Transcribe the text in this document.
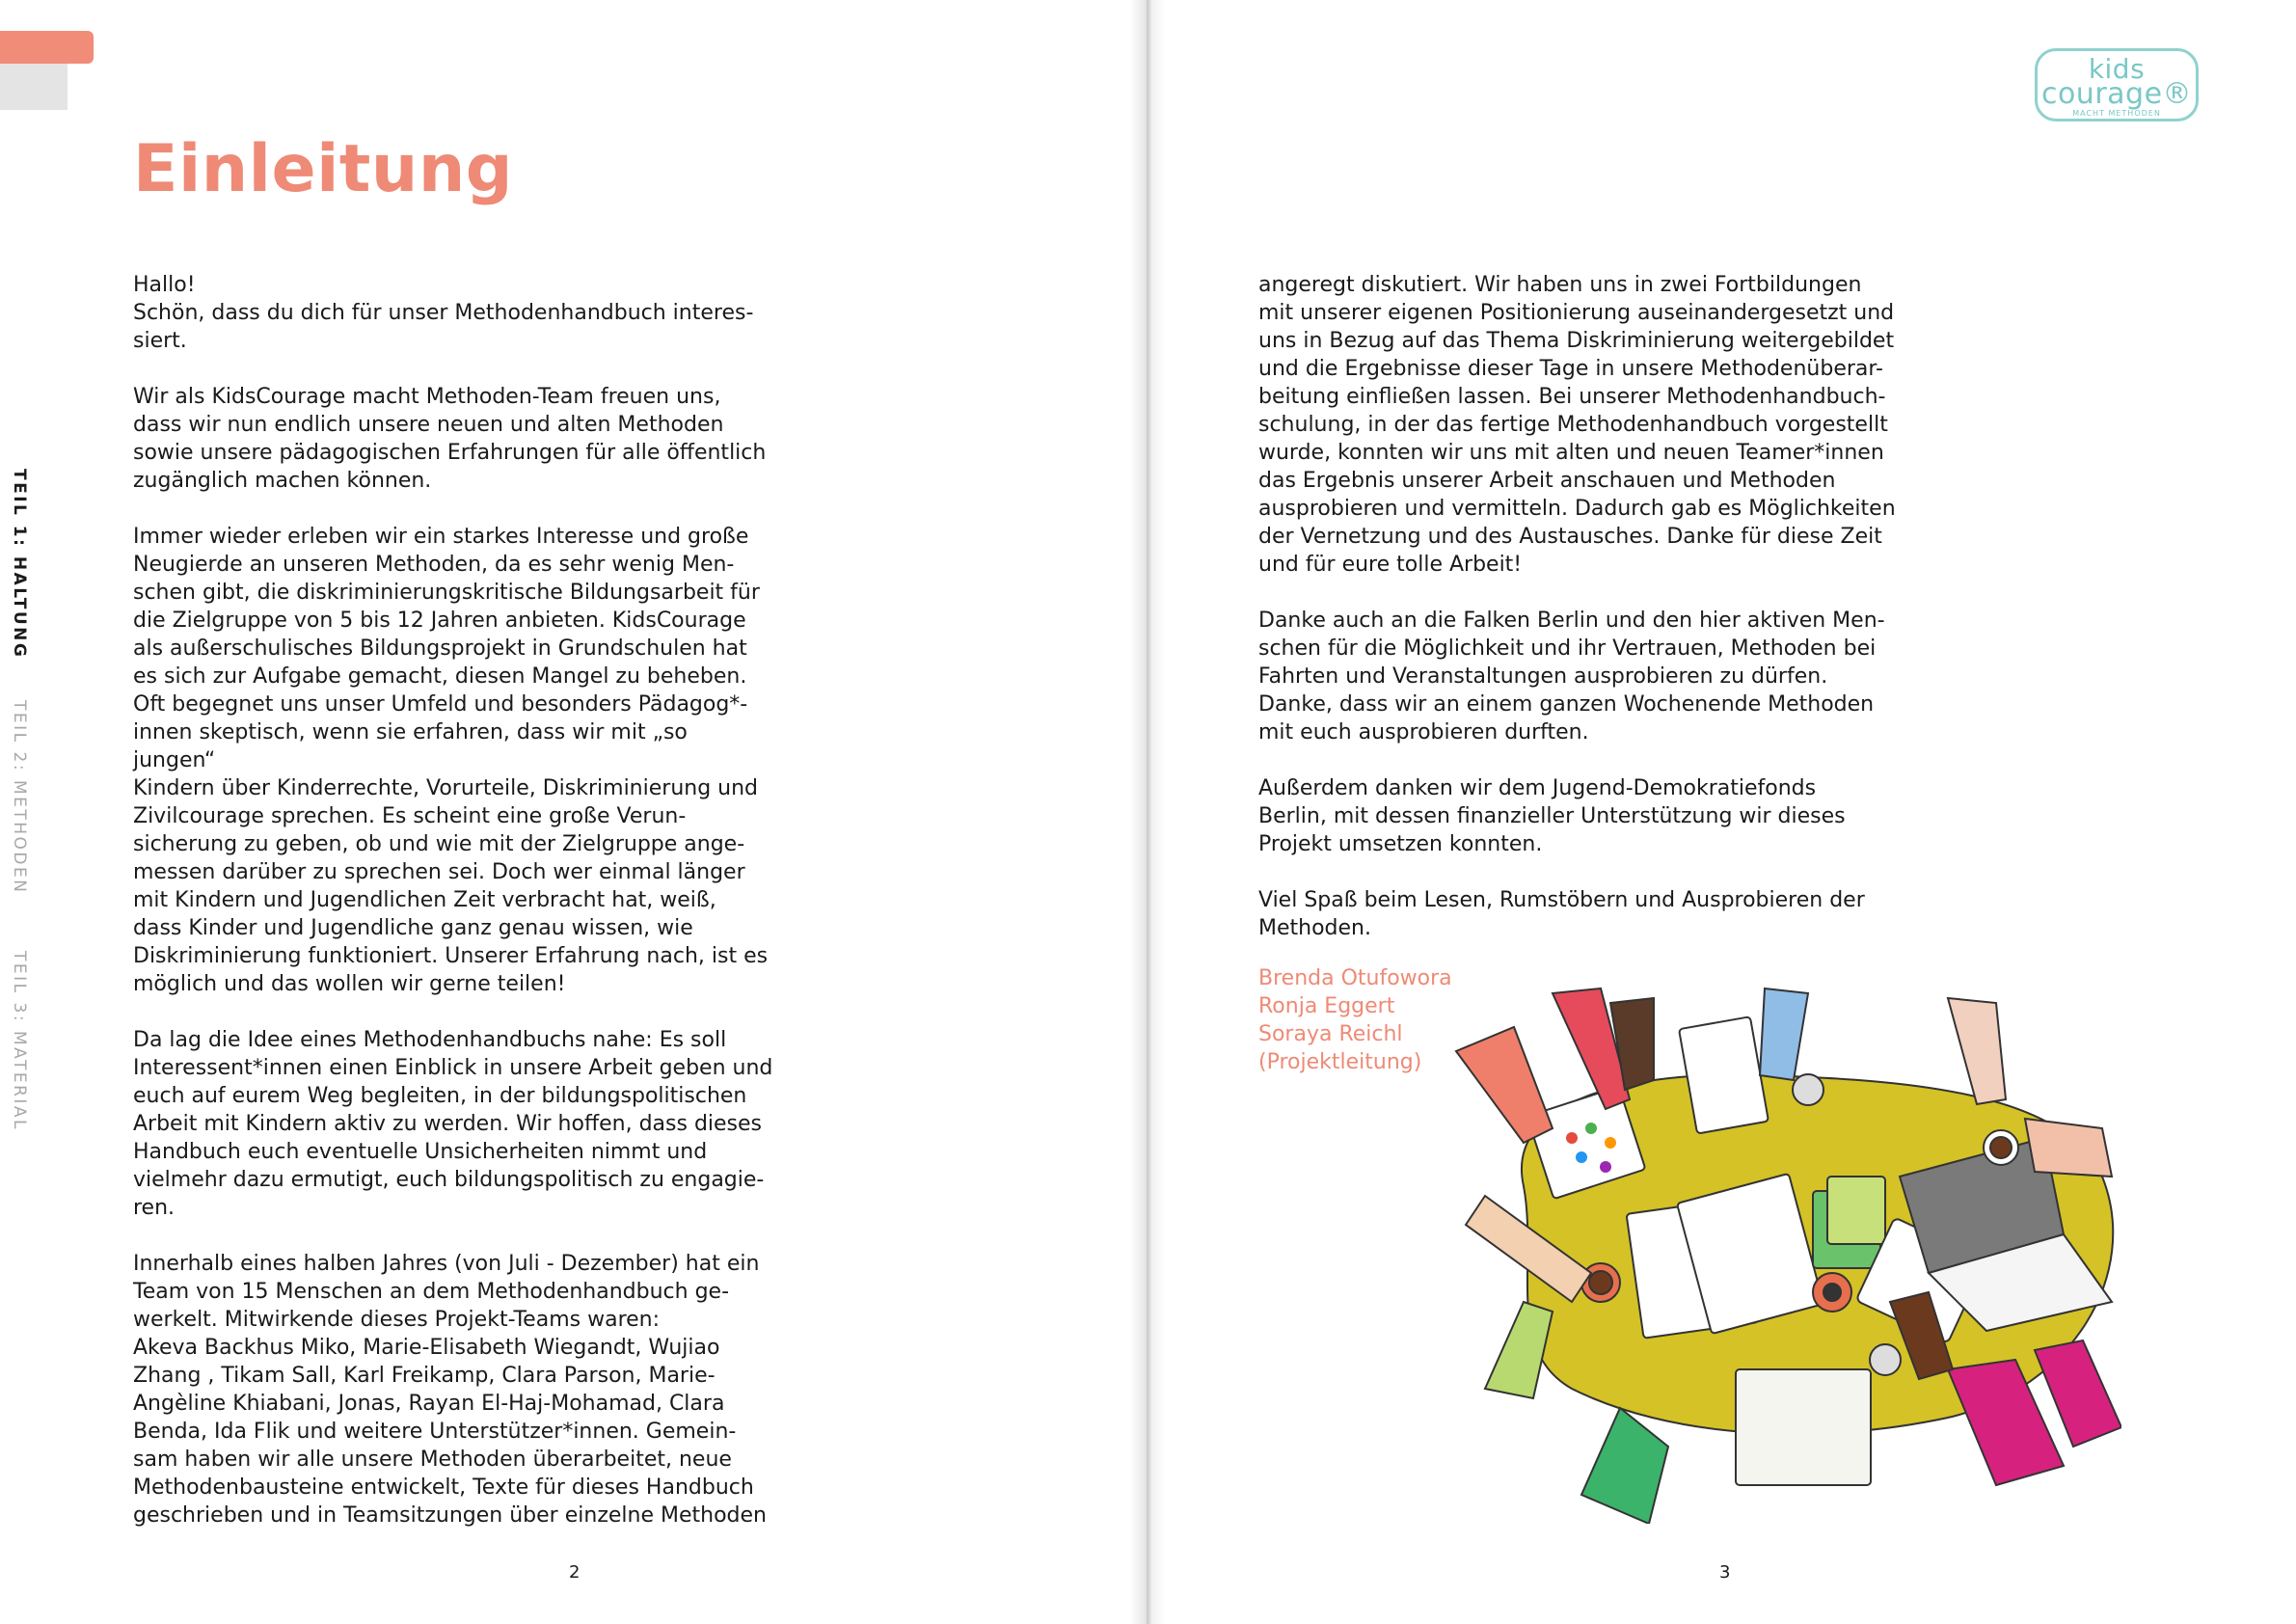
Einleitung
TEIL 1: HALTUNG
TEIL 2: METHODEN
TEIL 3: MATERIAL

Hallo!
Schön, dass du dich für unser Methodenhandbuch interes-
siert.

Wir als KidsCourage macht Methoden-Team freuen uns,
dass wir nun endlich unsere neuen und alten Methoden
sowie unsere pädagogischen Erfahrungen für alle öffentlich
zugänglich machen können.

Immer wieder erleben wir ein starkes Interesse und große
Neugierde an unseren Methoden, da es sehr wenig Men-
schen gibt, die diskriminierungskritische Bildungsarbeit für
die Zielgruppe von 5 bis 12 Jahren anbieten. KidsCourage
als außerschulisches Bildungsprojekt in Grundschulen hat
es sich zur Aufgabe gemacht, diesen Mangel zu beheben.
Oft begegnet uns unser Umfeld und besonders Pädagog*-
innen skeptisch, wenn sie erfahren, dass wir mit „so jungen“
Kindern über Kinderrechte, Vorurteile, Diskriminierung und
Zivilcourage sprechen. Es scheint eine große Verun-
sicherung zu geben, ob und wie mit der Zielgruppe ange-
messen darüber zu sprechen sei. Doch wer einmal länger
mit Kindern und Jugendlichen Zeit verbracht hat, weiß,
dass Kinder und Jugendliche ganz genau wissen, wie
Diskriminierung funktioniert. Unserer Erfahrung nach, ist es
möglich und das wollen wir gerne teilen!

Da lag die Idee eines Methodenhandbuchs nahe: Es soll
Interessent*innen einen Einblick in unsere Arbeit geben und
euch auf eurem Weg begleiten, in der bildungspolitischen
Arbeit mit Kindern aktiv zu werden. Wir hoffen, dass dieses
Handbuch euch eventuelle Unsicherheiten nimmt und
vielmehr dazu ermutigt, euch bildungspolitisch zu engagie-
ren.

Innerhalb eines halben Jahres (von Juli - Dezember) hat ein
Team von 15 Menschen an dem Methodenhandbuch ge-
werkelt. Mitwirkende dieses Projekt-Teams waren:
Akeva Backhus Miko, Marie-Elisabeth Wiegandt, Wujiao
Zhang , Tikam Sall, Karl Freikamp, Clara Parson, Marie-
Angèline Khiabani, Jonas, Rayan El-Haj-Mohamad, Clara
Benda, Ida Flik und weitere Unterstützer*innen. Gemein-
sam haben wir alle unsere Methoden überarbeitet, neue
Methodenbausteine entwickelt, Texte für dieses Handbuch
geschrieben und in Teamsitzungen über einzelne Methoden

2
kids
courage®
MACHT METHODEN

angeregt diskutiert. Wir haben uns in zwei Fortbildungen
mit unserer eigenen Positionierung auseinandergesetzt und
uns in Bezug auf das Thema Diskriminierung weitergebildet
und die Ergebnisse dieser Tage in unsere Methodenüberar-
beitung einfließen lassen. Bei unserer Methodenhandbuch-
schulung, in der das fertige Methodenhandbuch vorgestellt
wurde, konnten wir uns mit alten und neuen Teamer*innen
das Ergebnis unserer Arbeit anschauen und Methoden
ausprobieren und vermitteln. Dadurch gab es Möglichkeiten
der Vernetzung und des Austausches. Danke für diese Zeit
und für eure tolle Arbeit!

Danke auch an die Falken Berlin und den hier aktiven Men-
schen für die Möglichkeit und ihr Vertrauen, Methoden bei
Fahrten und Veranstaltungen ausprobieren zu dürfen.
Danke, dass wir an einem ganzen Wochenende Methoden
mit euch ausprobieren durften.

Außerdem danken wir dem Jugend-Demokratiefonds
Berlin, mit dessen finanzieller Unterstützung wir dieses
Projekt umsetzen konnten.

Viel Spaß beim Lesen, Rumstöbern und Ausprobieren der
Methoden.

Brenda Otufowora
Ronja Eggert
Soraya Reichl
(Projektleitung)
3
